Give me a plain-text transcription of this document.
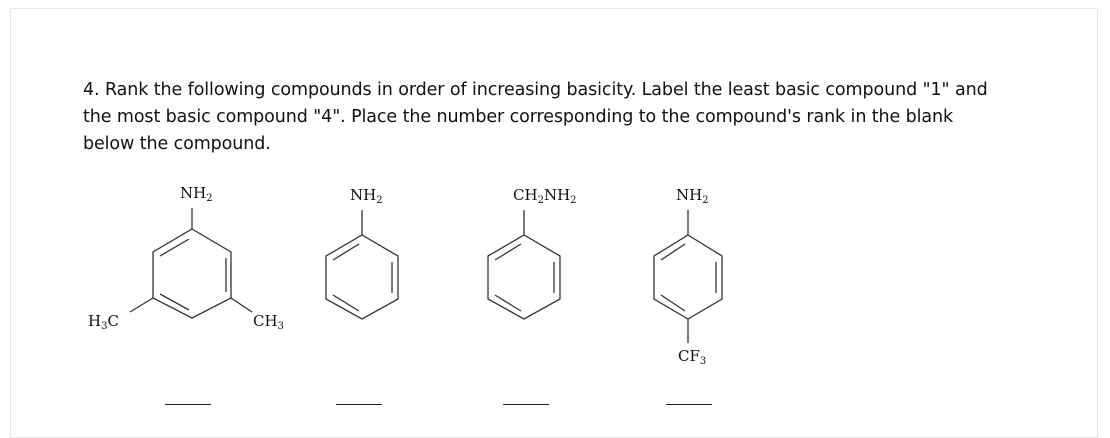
4. Rank the following compounds in order of increasing basicity. Label the least basic compound "1" and
the most basic compound "4". Place the number corresponding to the compound's rank in the blank
below the compound.
$NH_2$
$H_3C$	$CH_3$
$NH_2$	$CH_2NH_2$	$NH_2$
$CF_3$
